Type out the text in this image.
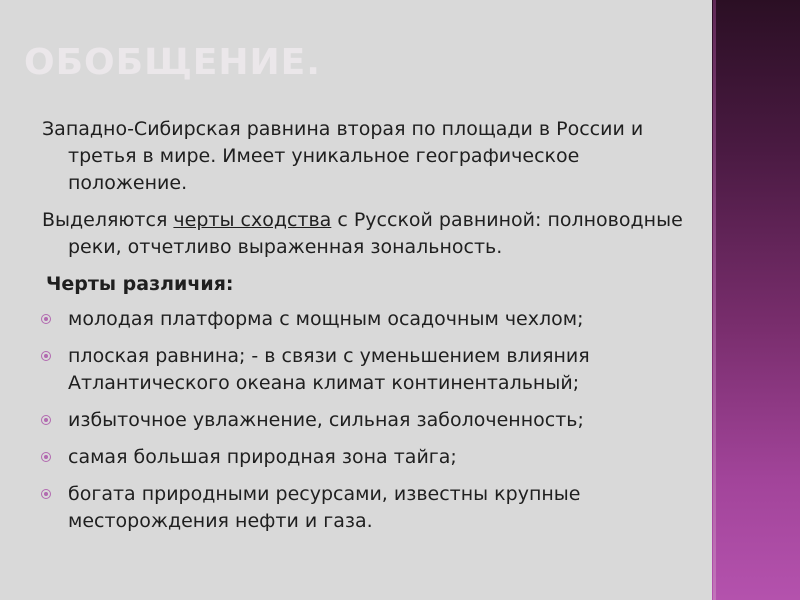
ОБОБЩЕНИЕ.

Западно-Сибирская равнина вторая по площади в России и третья в мире. Имеет уникальное географическое положение.

Выделяются черты сходства с Русской равниной: полноводные реки, отчетливо выраженная зональность.

Черты различия:
молодая платформа с мощным осадочным чехлом;
плоская равнина; - в связи с уменьшением влияния Атлантического океана климат континентальный;
избыточное увлажнение, сильная заболоченность;
самая большая природная зона тайга;
богата природными ресурсами, известны крупные месторождения нефти и газа.
